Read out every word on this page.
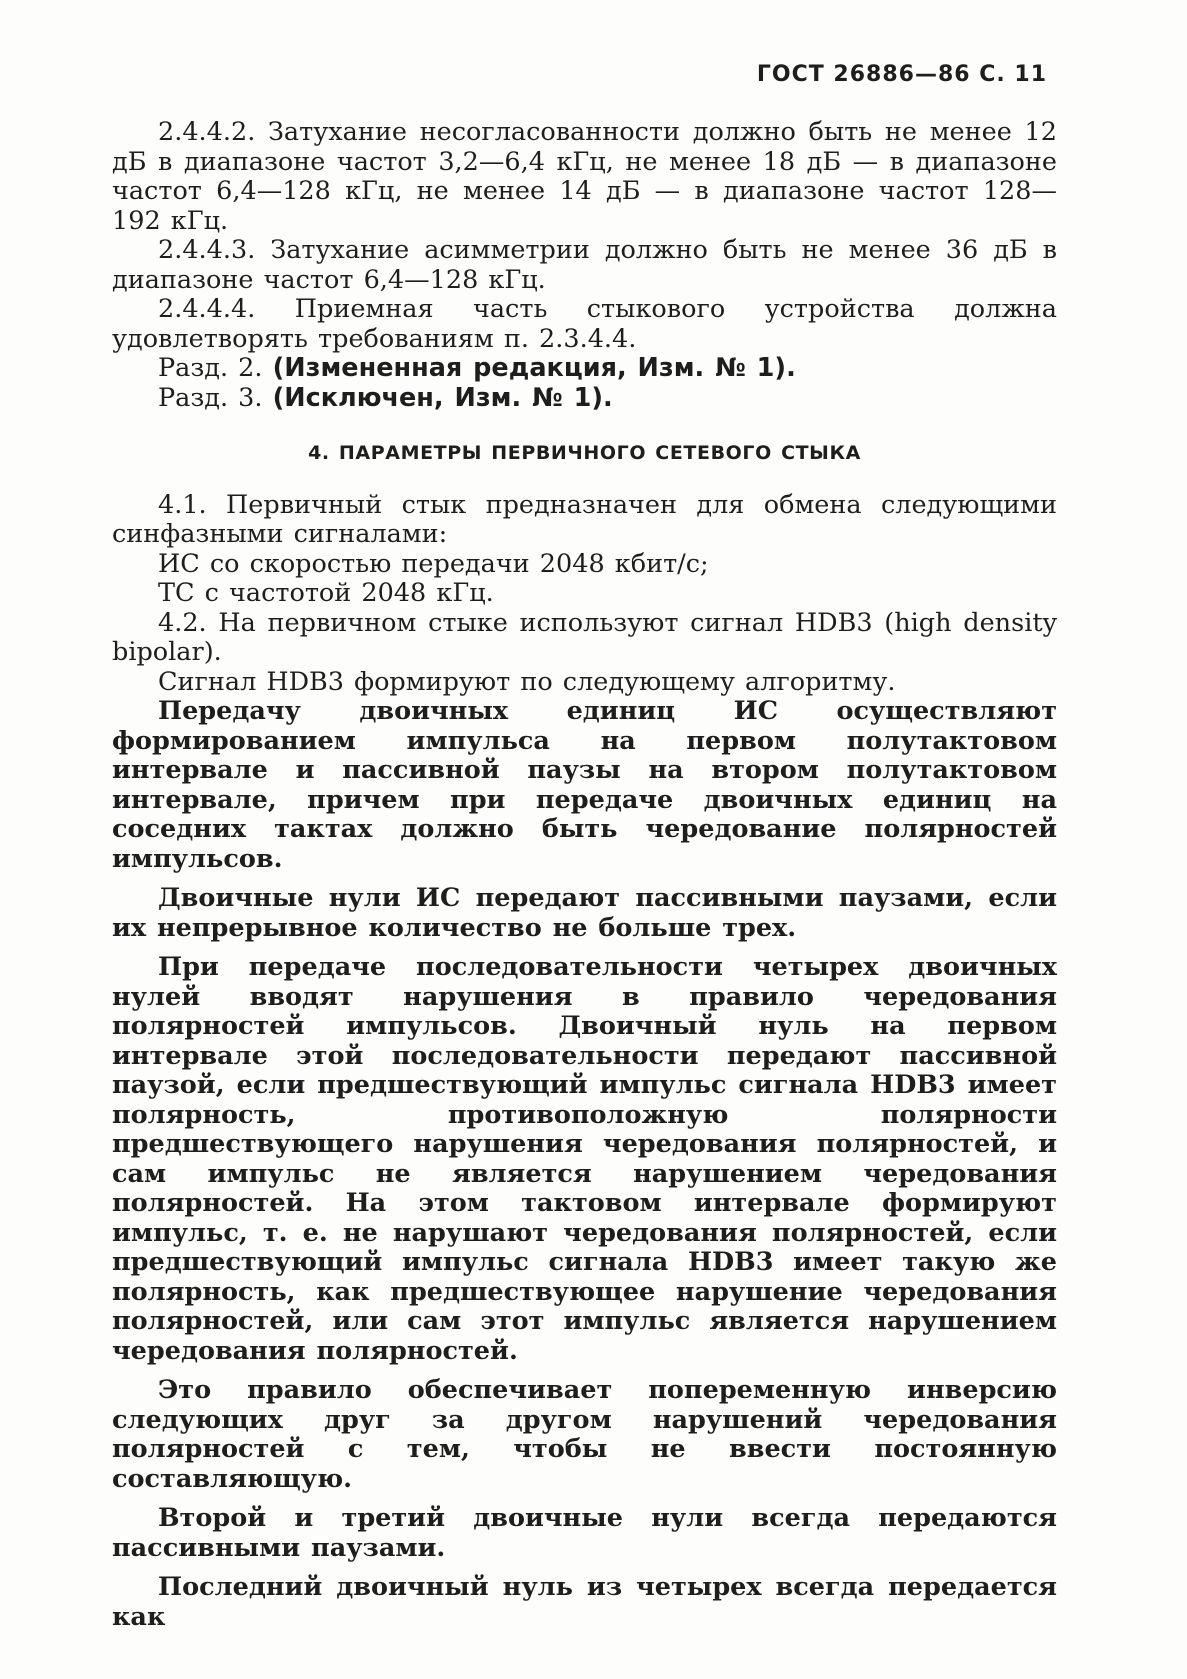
ГОСТ 26886—86 С. 11

2.4.4.2. Затухание несогласованности должно быть не менее 12 дБ в диапазоне частот 3,2—6,4 кГц, не менее 18 дБ — в диапазоне частот 6,4—128 кГц, не менее 14 дБ — в диапазоне частот 128—192 кГц.

2.4.4.3. Затухание асимметрии должно быть не менее 36 дБ в диапазоне частот 6,4—128 кГц.

2.4.4.4. Приемная часть стыкового устройства должна удовлетворять требованиям п. 2.3.4.4.

Разд. 2. (Измененная редакция, Изм. № 1).

Разд. 3. (Исключен, Изм. № 1).

4. ПАРАМЕТРЫ ПЕРВИЧНОГО СЕТЕВОГО СТЫКА

4.1. Первичный стык предназначен для обмена следующими синфазными сигналами:

ИС со скоростью передачи 2048 кбит/с;

ТС с частотой 2048 кГц.

4.2. На первичном стыке используют сигнал HDB3 (high density bipolar).

Сигнал HDB3 формируют по следующему алгоритму.

Передачу двоичных единиц ИС осуществляют формированием импульса на первом полутактовом интервале и пассивной паузы на втором полутактовом интервале, причем при передаче двоичных единиц на соседних тактах должно быть чередование полярностей импульсов.

Двоичные нули ИС передают пассивными паузами, если их непрерывное количество не больше трех.

При передаче последовательности четырех двоичных нулей вводят нарушения в правило чередования полярностей импульсов. Двоичный нуль на первом интервале этой последовательности передают пассивной паузой, если предшествующий импульс сигнала HDB3 имеет полярность, противоположную полярности предшествующего нарушения чередования полярностей, и сам импульс не является нарушением чередования полярностей. На этом тактовом интервале формируют импульс, т. е. не нарушают чередования полярностей, если предшествующий импульс сигнала HDB3 имеет такую же полярность, как предшествующее нарушение чередования полярностей, или сам этот импульс является нарушением чередования полярностей.

Это правило обеспечивает попеременную инверсию следующих друг за другом нарушений чередования полярностей с тем, чтобы не ввести постоянную составляющую.

Второй и третий двоичные нули всегда передаются пассивными паузами.

Последний двоичный нуль из четырех всегда передается как
